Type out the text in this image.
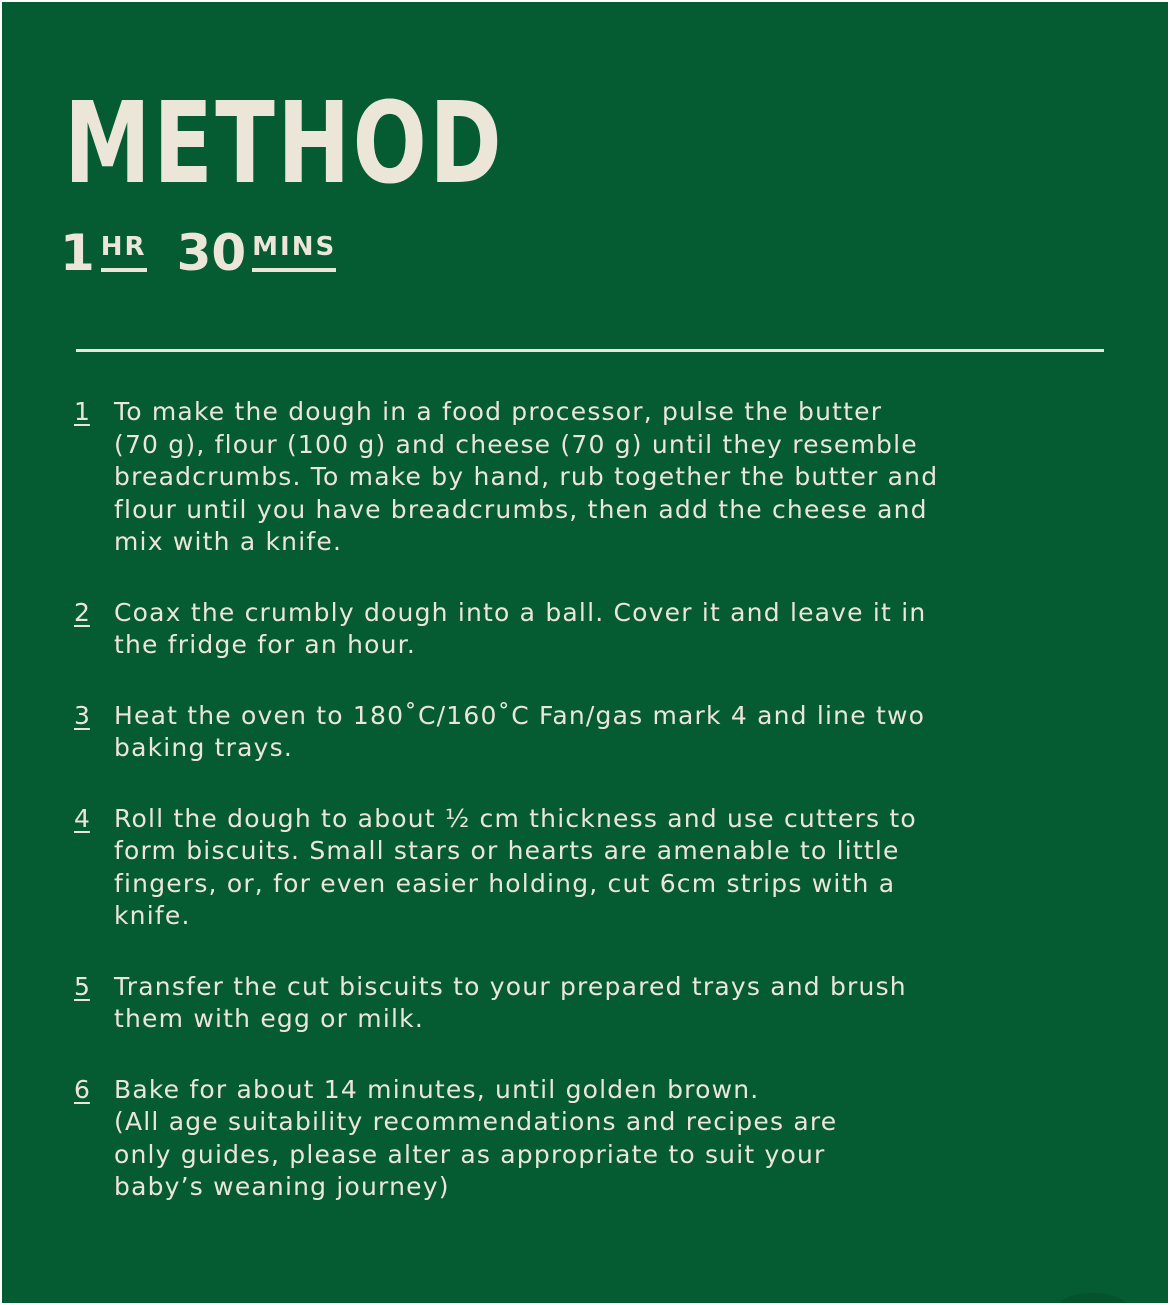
METHOD
1 HR 30 MINS
1 To make the dough in a food processor, pulse the butter
(70 g), flour (100 g) and cheese (70 g) until they resemble
breadcrumbs. To make by hand, rub together the butter and
flour until you have breadcrumbs, then add the cheese and
mix with a knife.
2 Coax the crumbly dough into a ball. Cover it and leave it in
the fridge for an hour.
3 Heat the oven to 180˚C/160˚C Fan/gas mark 4 and line two
baking trays.
4 Roll the dough to about ½ cm thickness and use cutters to
form biscuits. Small stars or hearts are amenable to little
fingers, or, for even easier holding, cut 6cm strips with a
knife.
5 Transfer the cut biscuits to your prepared trays and brush
them with egg or milk.
6 Bake for about 14 minutes, until golden brown.
(All age suitability recommendations and recipes are
only guides, please alter as appropriate to suit your
baby’s weaning journey)
